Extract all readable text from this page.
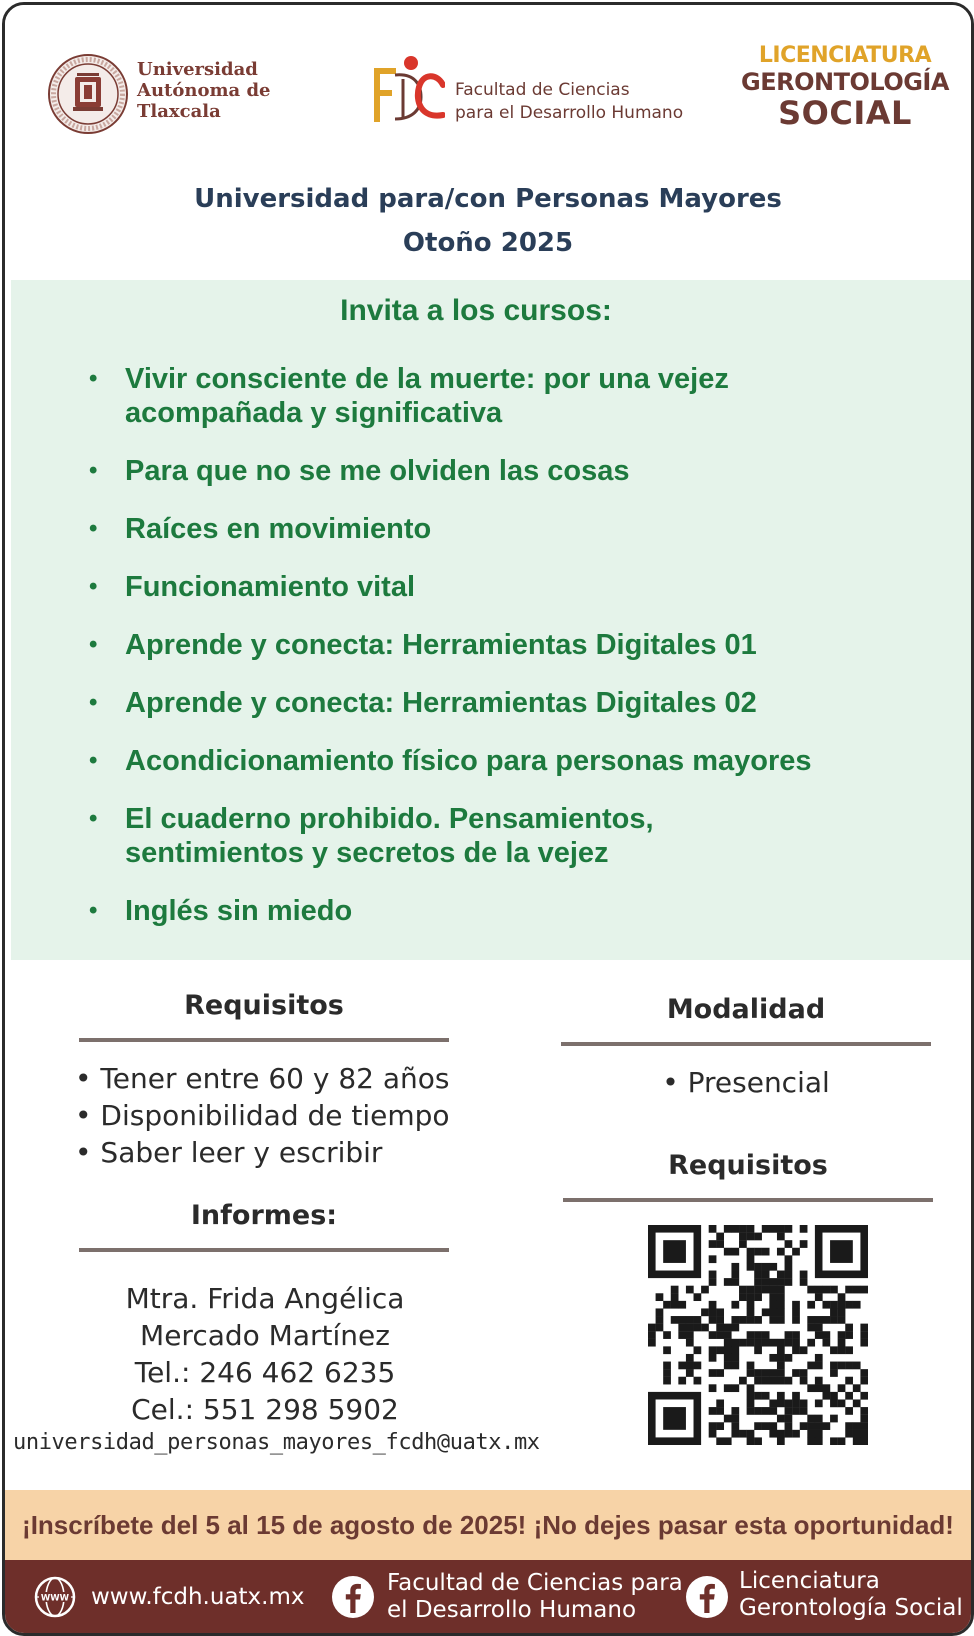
Universidad
Autónoma de
Tlaxcala
Facultad de Ciencias
para el Desarrollo Humano
LICENCIATURA
GERONTOLOGÍA
SOCIAL
Universidad para/con Personas Mayores
Otoño 2025
Invita a los cursos:
• Vivir consciente de la muerte: por una vejez
acompañada y significativa
• Para que no se me olviden las cosas
• Raíces en movimiento
• Funcionamiento vital
• Aprende y conecta: Herramientas Digitales 01
• Aprende y conecta: Herramientas Digitales 02
• Acondicionamiento físico para personas mayores
• El cuaderno prohibido. Pensamientos,
sentimientos y secretos de la vejez
• Inglés sin miedo
Requisitos
• Tener entre 60 y 82 años
• Disponibilidad de tiempo
• Saber leer y escribir
Informes:
Mtra. Frida Angélica
Mercado Martínez
Tel.: 246 462 6235
Cel.: 551 298 5902
universidad_personas_mayores_fcdh@uatx.mx
Modalidad
• Presencial
Requisitos
¡Inscríbete del 5 al 15 de agosto de 2025! ¡No dejes pasar esta oportunidad!
WWW www.fcdh.uatx.mx
Facultad de Ciencias para
el Desarrollo Humano
Licenciatura
Gerontología Social
